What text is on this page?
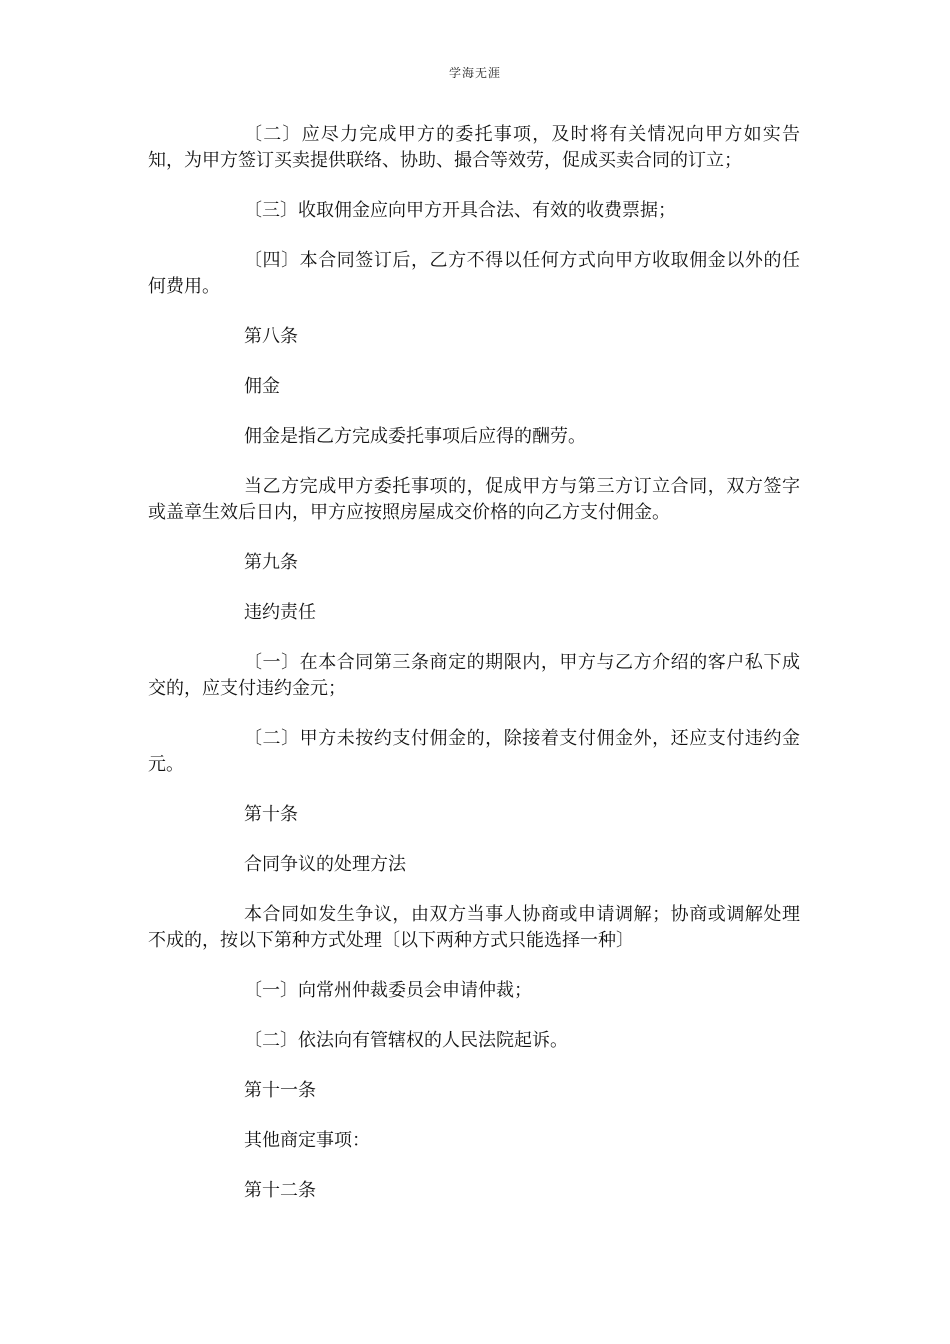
学海无涯

〔二〕应尽力完成甲方的委托事项，及时将有关情况向甲方如实告知，为甲方签订买卖提供联络、协助、撮合等效劳，促成买卖合同的订立；

〔三〕收取佣金应向甲方开具合法、有效的收费票据；

〔四〕本合同签订后，乙方不得以任何方式向甲方收取佣金以外的任何费用。

第八条

佣金

佣金是指乙方完成委托事项后应得的酬劳。

当乙方完成甲方委托事项的，促成甲方与第三方订立合同，双方签字或盖章生效后日内，甲方应按照房屋成交价格的向乙方支付佣金。

第九条

违约责任

〔一〕在本合同第三条商定的期限内，甲方与乙方介绍的客户私下成交的，应支付违约金元；

〔二〕甲方未按约支付佣金的，除接着支付佣金外，还应支付违约金元。

第十条

合同争议的处理方法

本合同如发生争议，由双方当事人协商或申请调解；协商或调解处理不成的，按以下第种方式处理〔以下两种方式只能选择一种〕

〔一〕向常州仲裁委员会申请仲裁；

〔二〕依法向有管辖权的人民法院起诉。

第十一条

其他商定事项：

第十二条
